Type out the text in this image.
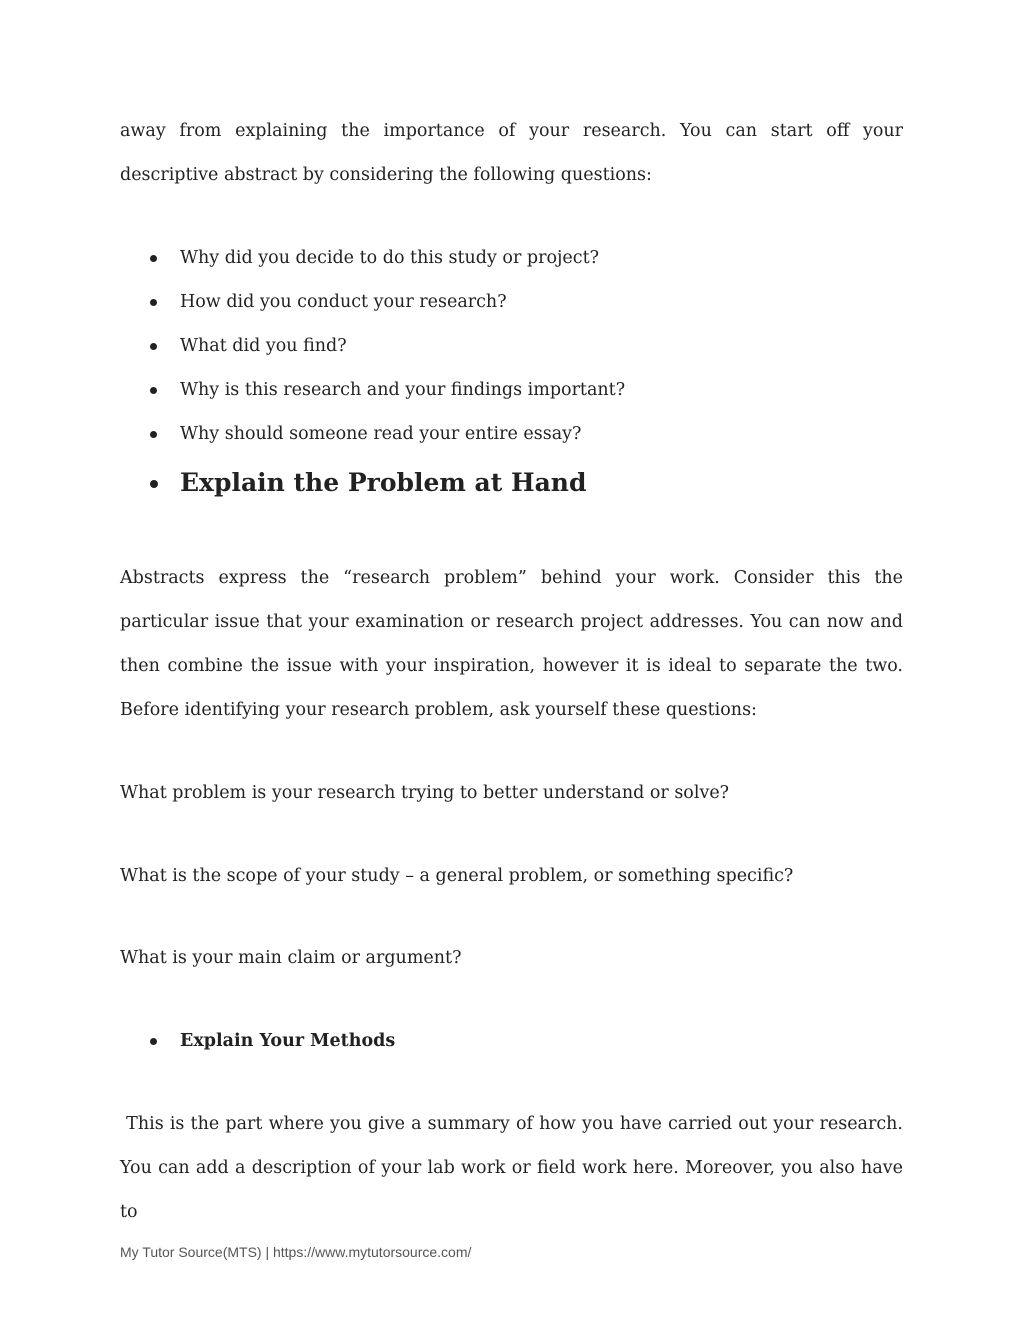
away from explaining the importance of your research. You can start off your descriptive abstract by considering the following questions:

Why did you decide to do this study or project?
How did you conduct your research?
What did you find?
Why is this research and your findings important?
Why should someone read your entire essay?
Explain the Problem at Hand

Abstracts express the “research problem” behind your work. Consider this the particular issue that your examination or research project addresses. You can now and then combine the issue with your inspiration, however it is ideal to separate the two. Before identifying your research problem, ask yourself these questions:

What problem is your research trying to better understand or solve?

What is the scope of your study – a general problem, or something specific?

What is your main claim or argument?

Explain Your Methods

This is the part where you give a summary of how you have carried out your research. You can add a description of your lab work or field work here. Moreover, you also have to

My Tutor Source(MTS) | https://www.mytutorsource.com/
